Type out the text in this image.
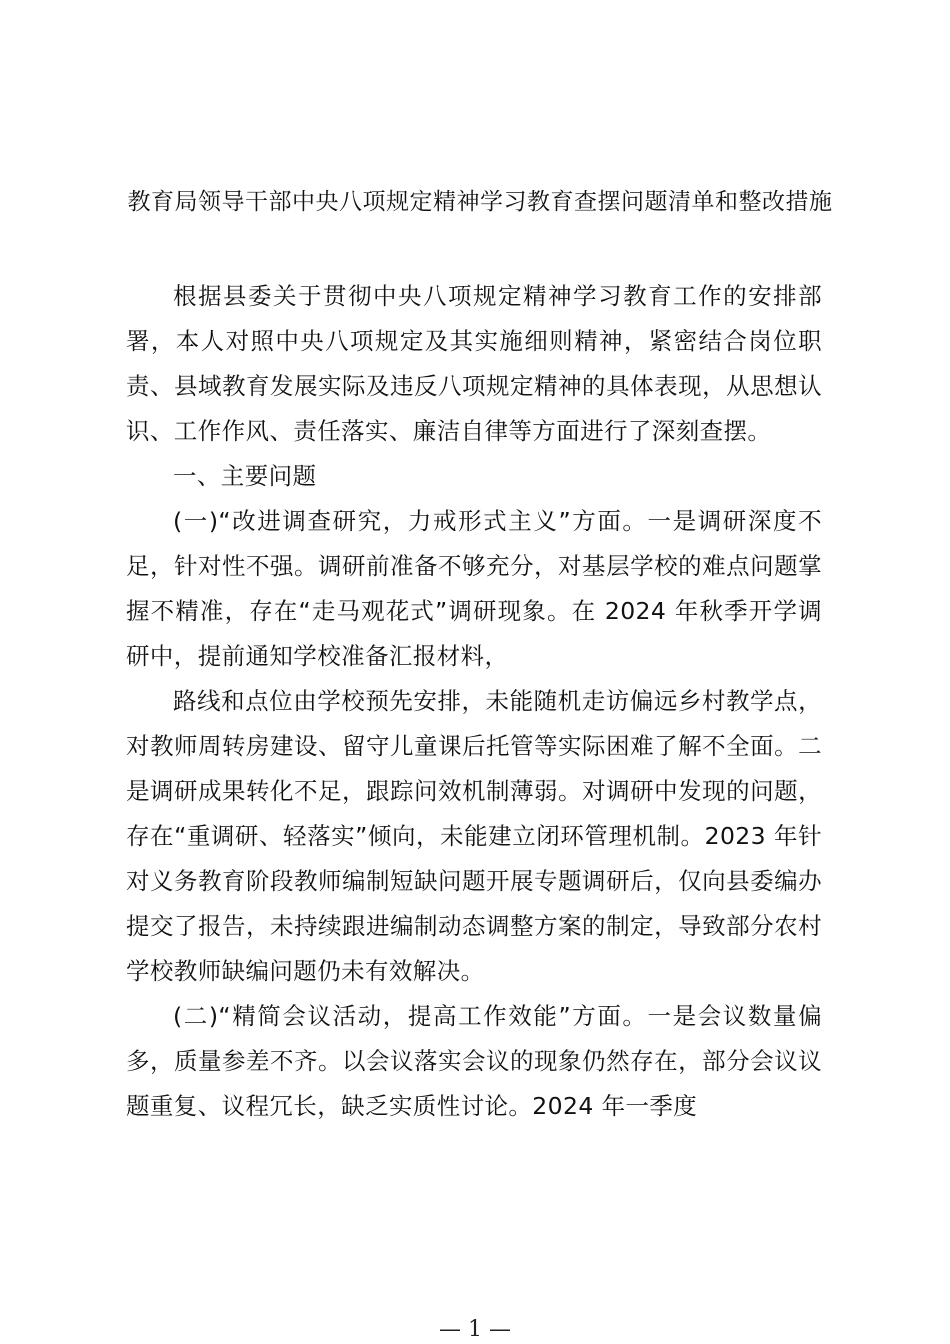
教育局领导干部中央八项规定精神学习教育查摆问题清单和整改措施

根据县委关于贯彻中央八项规定精神学习教育工作的安排部署，本人对照中央八项规定及其实施细则精神，紧密结合岗位职责、县域教育发展实际及违反八项规定精神的具体表现，从思想认识、工作作风、责任落实、廉洁自律等方面进行了深刻查摆。

一、主要问题

(一)“改进调查研究，力戒形式主义”方面。一是调研深度不足，针对性不强。调研前准备不够充分，对基层学校的难点问题掌握不精准，存在“走马观花式”调研现象。在 2024 年秋季开学调研中，提前通知学校准备汇报材料，

路线和点位由学校预先安排，未能随机走访偏远乡村教学点，对教师周转房建设、留守儿童课后托管等实际困难了解不全面。二是调研成果转化不足，跟踪问效机制薄弱。对调研中发现的问题，存在“重调研、轻落实”倾向，未能建立闭环管理机制。2023 年针对义务教育阶段教师编制短缺问题开展专题调研后，仅向县委编办提交了报告，未持续跟进编制动态调整方案的制定，导致部分农村学校教师缺编问题仍未有效解决。

(二)“精简会议活动，提高工作效能”方面。一是会议数量偏多，质量参差不齐。以会议落实会议的现象仍然存在，部分会议议题重复、议程冗长，缺乏实质性讨论。2024 年一季度

— 1 —
